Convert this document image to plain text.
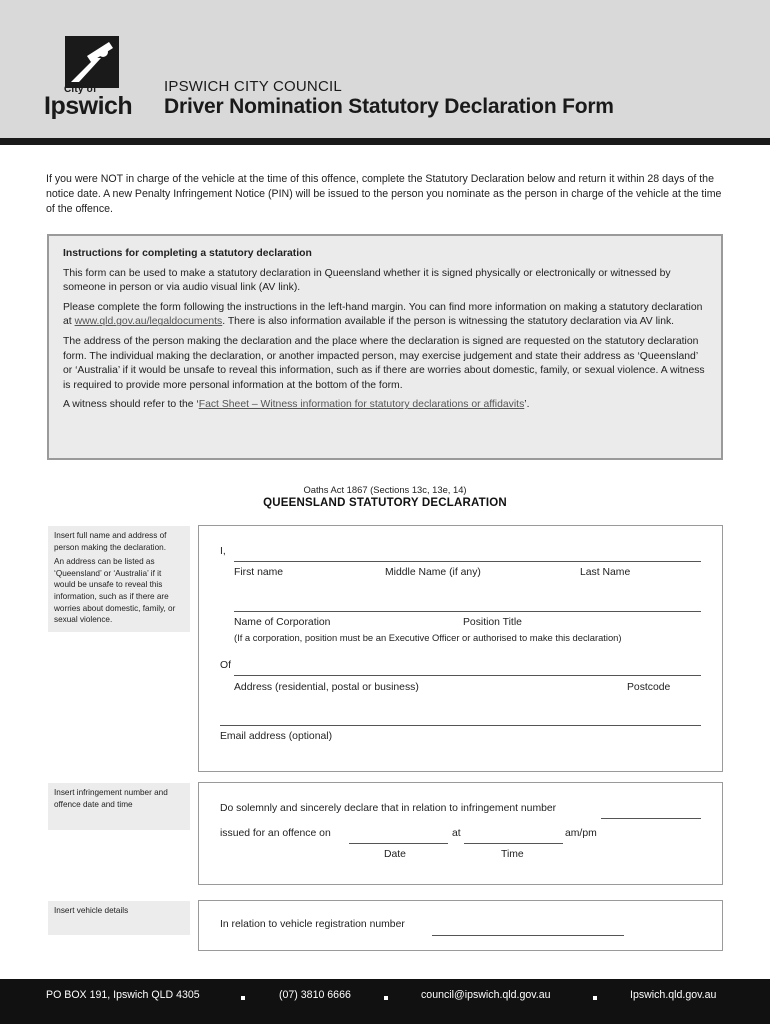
City of
Ipswich
IPSWICH CITY COUNCIL
Driver Nomination Statutory Declaration Form
If you were NOT in charge of the vehicle at the time of this offence, complete the Statutory Declaration below and return it within 28 days of the notice date. A new Penalty Infringement Notice (PIN) will be issued to the person you nominate as the person in charge of the vehicle at the time of the offence.
Instructions for completing a statutory declaration

This form can be used to make a statutory declaration in Queensland whether it is signed physically or electronically or witnessed by someone in person or via audio visual link (AV link).

Please complete the form following the instructions in the left-hand margin. You can find more information on making a statutory declaration at www.qld.gov.au/legaldocuments. There is also information available if the person is witnessing the statutory declaration via AV link.

The address of the person making the declaration and the place where the declaration is signed are requested on the statutory declaration form. The individual making the declaration, or another impacted person, may exercise judgement and state their address as ‘Queensland’ or ‘Australia’ if it would be unsafe to reveal this information, such as if there are worries about domestic, family, or sexual violence. A witness is required to provide more personal information at the bottom of the form.

A witness should refer to the ‘Fact Sheet – Witness information for statutory declarations or affidavits’.

Oaths Act 1867 (Sections 13c, 13e, 14)
QUEENSLAND STATUTORY DECLARATION

Insert full name and address of person making the declaration.

An address can be listed as ‘Queensland’ or ‘Australia’ if it would be unsafe to reveal this information, such as if there are worries about domestic, family, or sexual violence.

I,
First name	Middle Name (if any)	Last Name
Name of Corporation	Position Title
(If a corporation, position must be an Executive Officer or authorised to make this declaration)
Of
Address (residential, postal or business)	Postcode
Email address (optional)

Insert infringement number and offence date and time	Do solemnly and sincerely declare that in relation to infringement number
issued for an offence on	at	am/pm
Date	Time

Insert vehicle details

In relation to vehicle registration number
PO BOX 191, Ipswich QLD 4305	(07) 3810 6666	council@ipswich.qld.gov.au	Ipswich.qld.gov.au
